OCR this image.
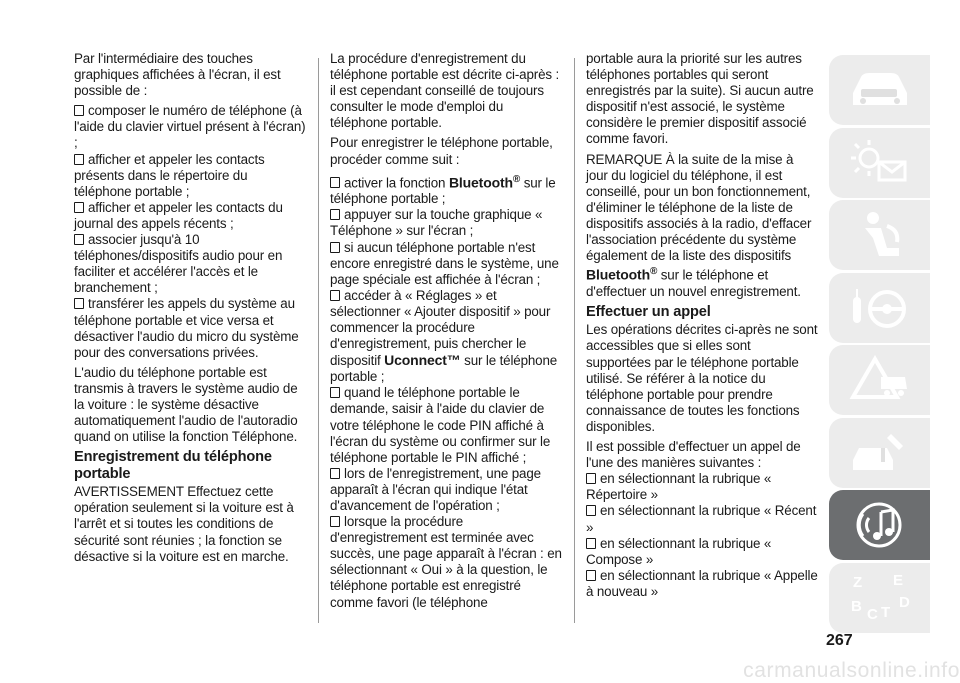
Par l'intermédiaire des touches graphiques affichées à l'écran, il est possible de :

composer le numéro de téléphone (à l'aide du clavier virtuel présent à l'écran) ;

afficher et appeler les contacts présents dans le répertoire du téléphone portable ;

afficher et appeler les contacts du journal des appels récents ;

associer jusqu'à 10 téléphones/dispositifs audio pour en faciliter et accélérer l'accès et le branchement ;

transférer les appels du système au téléphone portable et vice versa et désactiver l'audio du micro du système pour des conversations privées.

L'audio du téléphone portable est transmis à travers le système audio de la voiture : le système désactive automatiquement l'audio de l'autoradio quand on utilise la fonction Téléphone.

Enregistrement du téléphone portable

AVERTISSEMENT Effectuez cette opération seulement si la voiture est à l'arrêt et si toutes les conditions de sécurité sont réunies ; la fonction se désactive si la voiture est en marche.

La procédure d'enregistrement du téléphone portable est décrite ci-après : il est cependant conseillé de toujours consulter le mode d'emploi du téléphone portable.

Pour enregistrer le téléphone portable, procéder comme suit :

activer la fonction Bluetooth® sur le téléphone portable ;

appuyer sur la touche graphique « Téléphone » sur l'écran ;

si aucun téléphone portable n'est encore enregistré dans le système, une page spéciale est affichée à l'écran ;

accéder à « Réglages » et sélectionner « Ajouter dispositif » pour commencer la procédure d'enregistrement, puis chercher le dispositif Uconnect™ sur le téléphone portable ;

quand le téléphone portable le demande, saisir à l'aide du clavier de votre téléphone le code PIN affiché à l'écran du système ou confirmer sur le téléphone portable le PIN affiché ;

lors de l'enregistrement, une page apparaît à l'écran qui indique l'état d'avancement de l'opération ;

lorsque la procédure d'enregistrement est terminée avec succès, une page apparaît à l'écran : en sélectionnant « Oui » à la question, le téléphone portable est enregistré comme favori (le téléphone

portable aura la priorité sur les autres téléphones portables qui seront enregistrés par la suite). Si aucun autre dispositif n'est associé, le système considère le premier dispositif associé comme favori.

REMARQUE À la suite de la mise à jour du logiciel du téléphone, il est conseillé, pour un bon fonctionnement, d'éliminer le téléphone de la liste de dispositifs associés à la radio, d'effacer l'association précédente du système également de la liste des dispositifs Bluetooth® sur le téléphone et d'effectuer un nouvel enregistrement.

Effectuer un appel

Les opérations décrites ci-après ne sont accessibles que si elles sont supportées par le téléphone portable utilisé. Se référer à la notice du téléphone portable pour prendre connaissance de toutes les fonctions disponibles.

Il est possible d'effectuer un appel de l'une des manières suivantes :

en sélectionnant la rubrique « Répertoire »

en sélectionnant la rubrique « Récent »

en sélectionnant la rubrique « Compose »

en sélectionnant la rubrique « Appelle à nouveau »

Z E
B C T
D
267
carmanualsonline.info
